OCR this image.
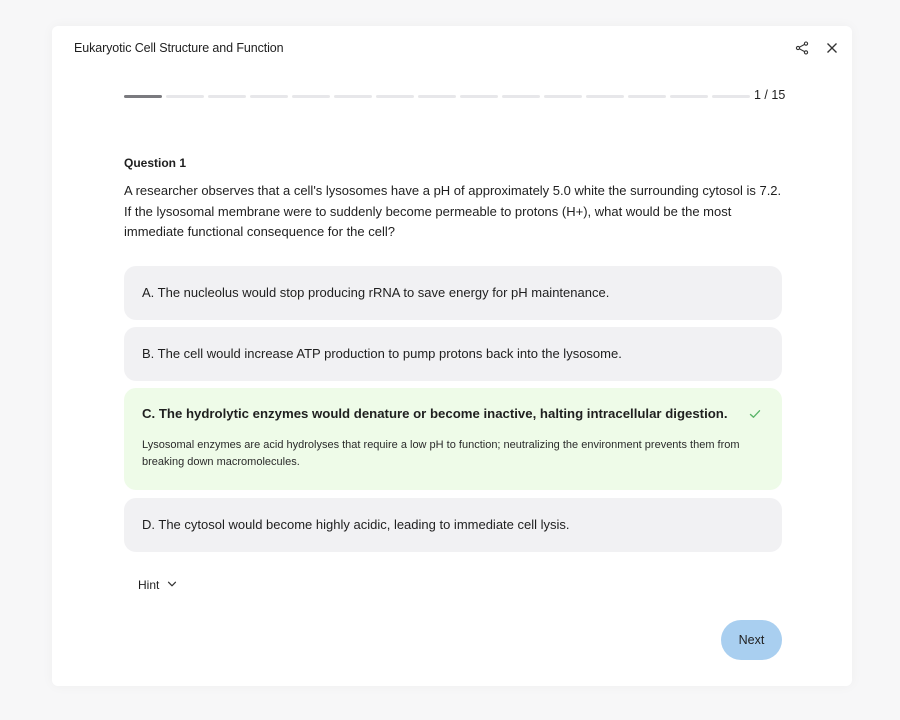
Eukaryotic Cell Structure and Function
1 / 15
Question 1
A researcher observes that a cell's lysosomes have a pH of approximately 5.0 white the surrounding cytosol is 7.2. If the lysosomal membrane were to suddenly become permeable to protons (H+), what would be the most immediate functional consequence for the cell?
A. The nucleolus would stop producing rRNA to save energy for pH maintenance.
B. The cell would increase ATP production to pump protons back into the lysosome.
C. The hydrolytic enzymes would denature or become inactive, halting intracellular digestion.
Lysosomal enzymes are acid hydrolyses that require a low pH to function; neutralizing the environment prevents them from breaking down macromolecules.
D. The cytosol would become highly acidic, leading to immediate cell lysis.
Hint
Next
